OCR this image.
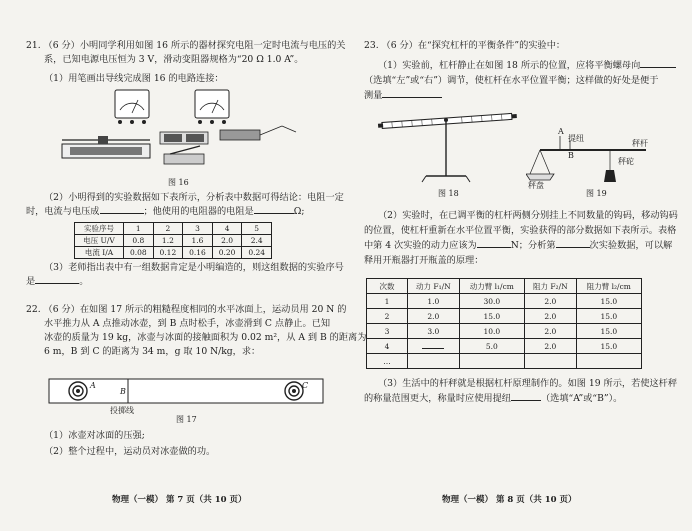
21. （6 分）小明同学利用如图 16 所示的器材探究电阻一定时电流与电压的关
系，已知电源电压恒为 3 V，滑动变阻器规格为“20 Ω 1.0 A”。
（1）用笔画出导线完成图 16 的电路连接：
图 16
（2）小明得到的实验数据如下表所示，分析表中数据可得结论：电阻一定
时，电流与电压成	；他使用的电阻器的电阻是	Ω;
实验序号	1	2	3	4	5
电压 U/V	0.8	1.2	1.6	2.0	2.4
电流 I/A	0.08	0.12	0.16	0.20	0.24
（3）老师指出表中有一组数据肯定是小明编造的，则这组数据的实验序号
是	。
22. （6 分）在如图 17 所示的粗糙程度相同的水平冰面上，运动员用 20 N 的
水平推力从 A 点推动冰壶，到 B 点时松手，冰壶滑到 C 点静止。已知
冰壶的质量为 19 kg，冰壶与冰面的接触面积为 0.02 m²，从 A 到 B 的距离为
6 m，B 到 C 的距离为 34 m，g 取 10 N/kg，求：
A
B
C
投掷线
图 17
（1）冰壶对冰面的压强;
（2）整个过程中，运动员对冰壶做的功。
物理（一模） 第 7 页（共 10 页）
23. （6 分）在“探究杠杆的平衡条件”的实验中：
（1）实验前，杠杆静止在如图 18 所示的位置，应将平衡螺母向
（选填“左”或“右”）调节，使杠杆在水平位置平衡；这样做的好处是便于
测量
图 18
A
提纽
B
秤杆
秤砣
秤盘
图 19
（2）实验时，在已调平衡的杠杆两侧分别挂上不同数量的钩码，移动钩码
的位置，使杠杆重新在水平位置平衡，实验获得的部分数据如下表所示。表格
中第 4 次实验的动力应该为	N；分析第	次实验数据，可以解
释用开瓶器打开瓶盖的原理：
次数	动力 F₁/N	动力臂 l₁/cm	阻力 F₂/N	阻力臂 l₂/cm
1	1.0	30.0	2.0	15.0
2	2.0	15.0	2.0	15.0
3	3.0	10.0	2.0	15.0
4		5.0	2.0	15.0
…				
（3）生活中的杆秤就是根据杠杆原理制作的。如图 19 所示，若使这杆秤
的称量范围更大，称量时应使用提纽	（选填“A”或“B”）。
物理（一模） 第 8 页（共 10 页）
